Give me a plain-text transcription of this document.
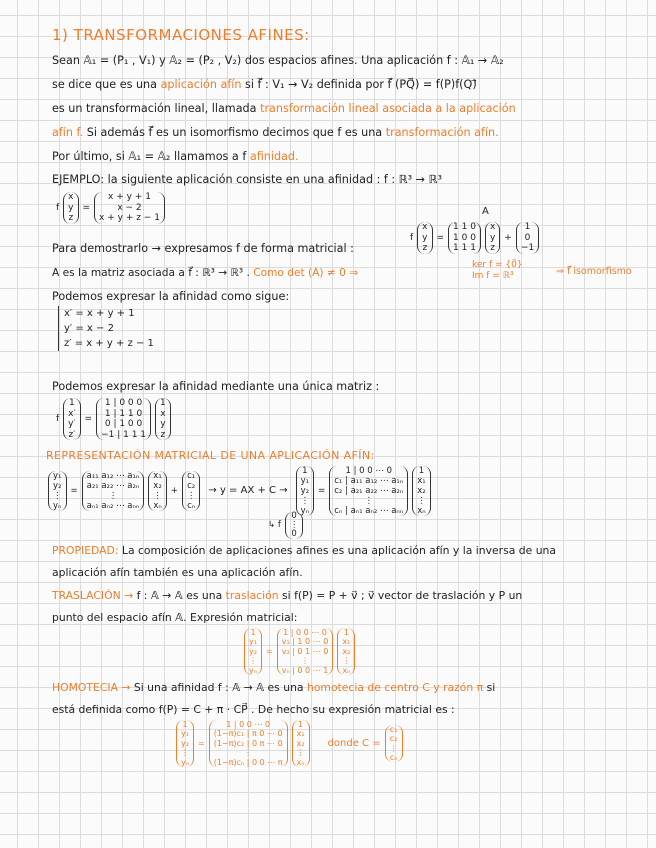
1) TRANSFORMACIONES AFINES:
Sean 𝔸₁ = (P₁ , V₁) y 𝔸₂ = (P₂ , V₂) dos espacios afines. Una aplicación f : 𝔸₁ → 𝔸₂
se dice que es una aplicación afín si f⃗ : V₁ → V₂ definida por f⃗ (PQ⃗) = f(P)f(Q)⃗
es un transformación lineal, llamada transformación lineal asociada a la aplicación
afín f. Si además f⃗ es un isomorfismo decimos que f es una transformación afín.
Por último, si 𝔸₁ = 𝔸₂ llamamos a f afinidad.
EJEMPLO: la siguiente aplicación consiste en una afinidad : f : ℝ³ → ℝ³
f
x
y
z
=
x + y + 1
x − 2
x + y + z − 1
Para demostrarlo → expresamos f de forma matricial :
A
f
x
y
z
=
1 1 0
1 0 0
1 1 1
x
y
z
+
1
0
−1
A es la matriz asociada a f⃗ : ℝ³ → ℝ³ . Como det (A) ≠ 0 ⇒
ker f = {0⃗}
Im f = ℝ³	⇒ f⃗ isomorfismo
Podemos expresar la afinidad como sigue:
x′ = x + y + 1
y′ = x − 2
z′ = x + y + z − 1
Podemos expresar la afinidad mediante una única matriz :
f
1
x′
y′
z′
=
1 | 0 0 0
1 | 1 1 0
0 | 1 0 0
−1 | 1 1 1
1
x
y
z
REPRESENTACIÓN MATRICIAL DE UNA APLICACIÓN AFÍN:
y₁
y₂
⋮
yₙ
=
a₁₁ a₁₂ ⋯ a₁ₙ
a₂₁ a₂₂ ⋯ a₂ₙ
⋮
aₙ₁ aₙ₂ ⋯ aₙₙ
x₁
x₂
⋮
xₙ
+
c₁
c₂
⋮
cₙ
→ y = AX + C →
1
y₁
y₂
⋮
yₙ
=
1 | 0 0 ⋯ 0
c₁ | a₁₁ a₁₂ ⋯ a₁ₙ
c₂ | a₂₁ a₂₂ ⋯ a₂ₙ
⋮
cₙ | aₙ₁ aₙ₂ ⋯ aₙₙ
1
x₁
x₂
⋮
xₙ
↳ f
0
⋮
0
PROPIEDAD: La composición de aplicaciones afines es una aplicación afín y la inversa de una
aplicación afín también es una aplicación afín.
TRASLACIÓN → f : 𝔸 → 𝔸 es una traslación si f(P) = P + v⃗ ; v⃗ vector de traslación y P un
punto del espacio afín 𝔸. Expresión matricial:
1
y₁
y₂
⋮
yₙ
=
1 | 0 0 ⋯ 0
v₁ | 1 0 ⋯ 0
v₂ | 0 1 ⋯ 0
⋮
vₙ | 0 0 ⋯ 1
1
x₁
x₂
⋮
xₙ
HOMOTECIA → Si una afinidad f : 𝔸 → 𝔸 es una homotecia de centro C y razón π si
está definida como f(P) = C + π · CP⃗ . De hecho su expresión matricial es :
1
y₁
y₂
⋮
yₙ
=
1 | 0 0 ⋯ 0
(1−π)c₁ | π 0 ⋯ 0
(1−π)c₂ | 0 π ⋯ 0
⋮
(1−π)cₙ | 0 0 ⋯ π
1
x₁
x₂
⋮
xₙ
donde C =
c₁
c₂
⋮
cₙ
